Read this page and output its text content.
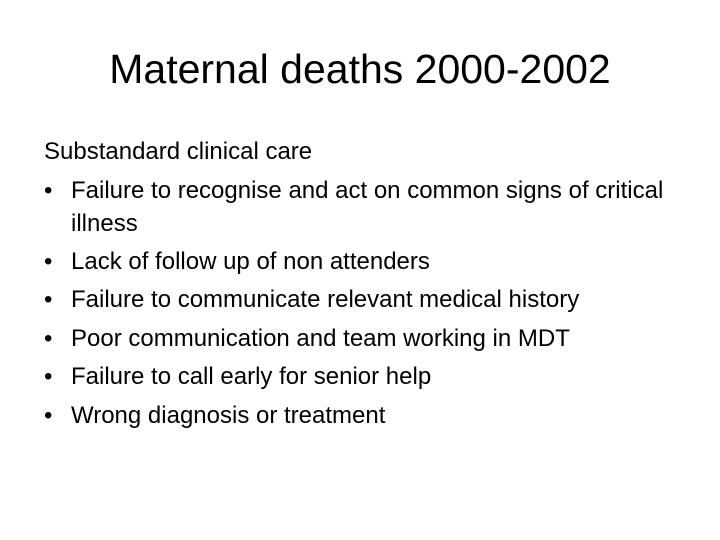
Maternal deaths 2000-2002

Substandard clinical care

• Failure to recognise and act on common signs of critical illness
• Lack of follow up of non attenders
• Failure to communicate relevant medical history
• Poor communication and team working in MDT
• Failure to call early for senior help
• Wrong diagnosis or treatment
